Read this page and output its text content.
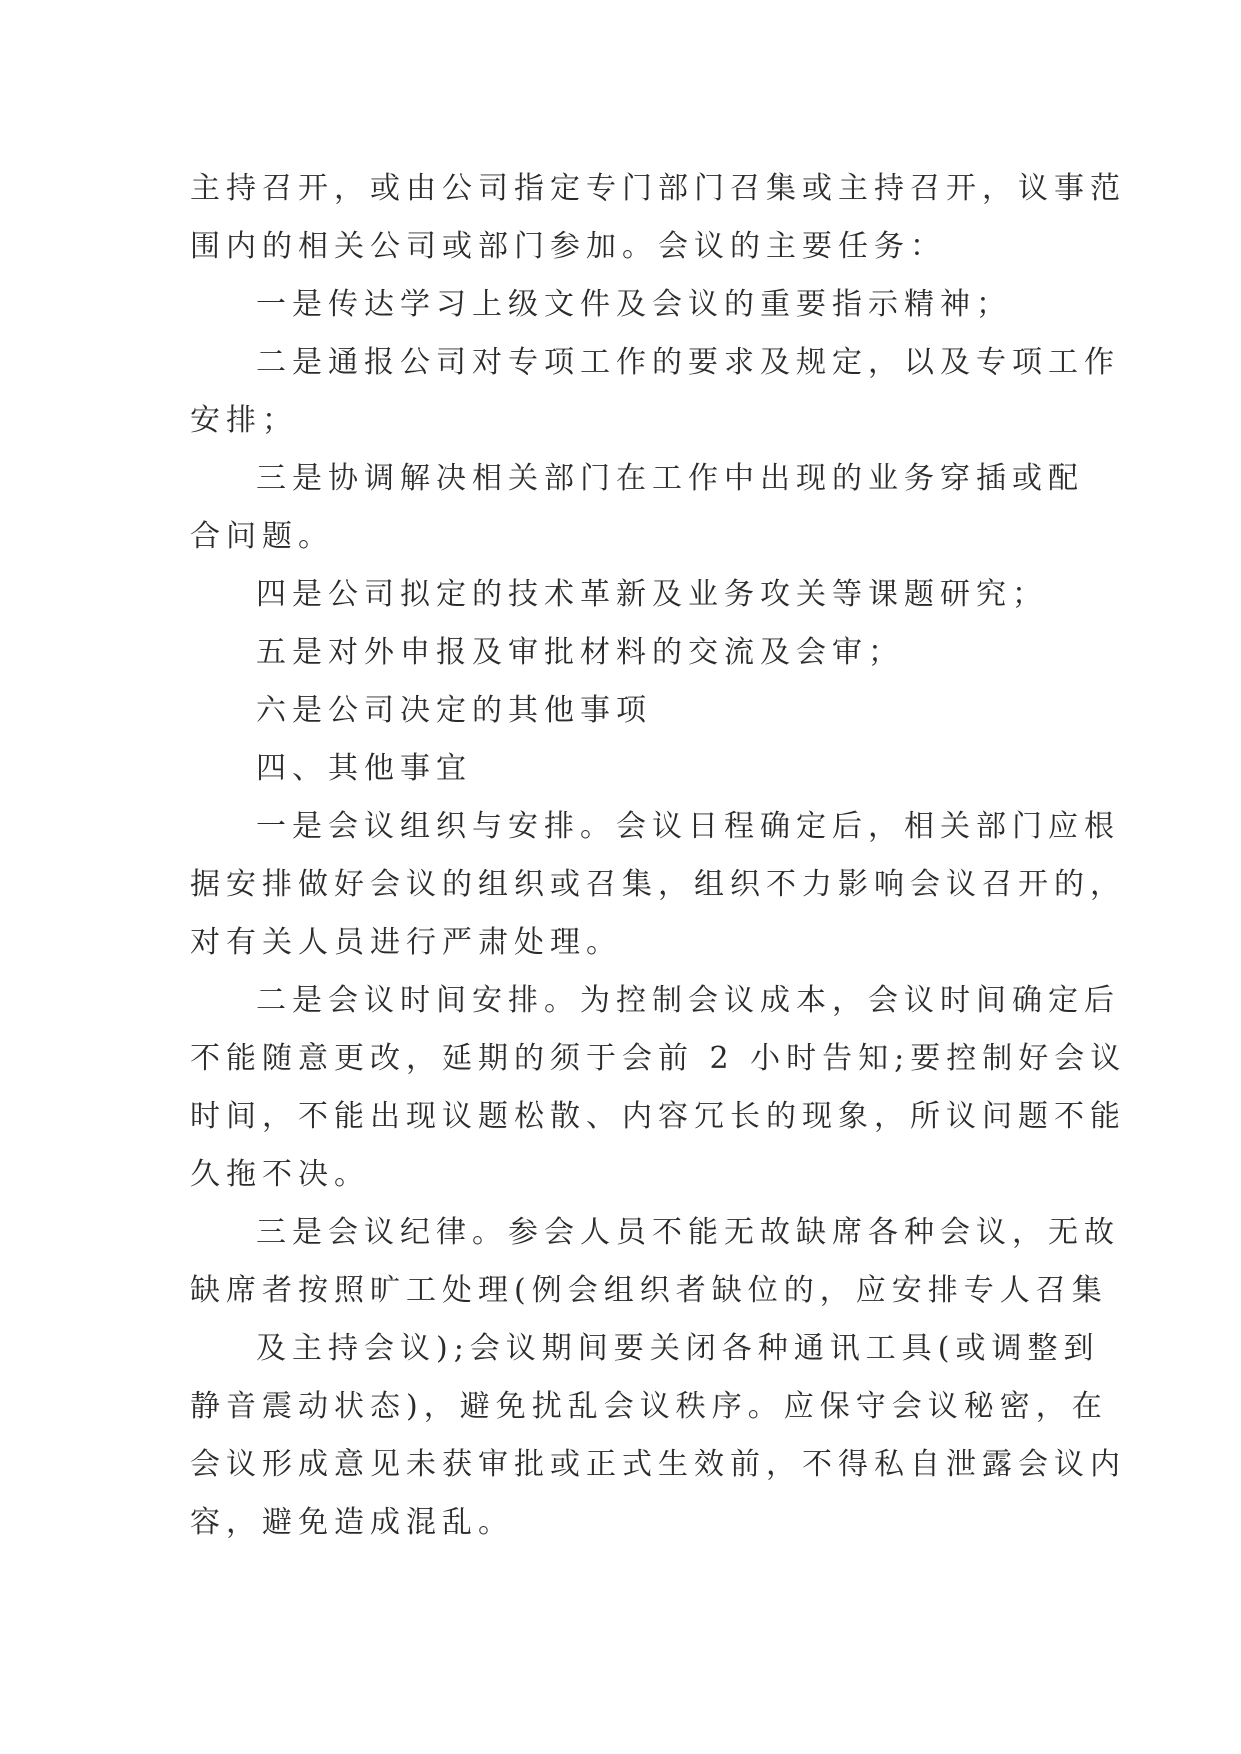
主持召开，或由公司指定专门部门召集或主持召开，议事范
围内的相关公司或部门参加。会议的主要任务：
一是传达学习上级文件及会议的重要指示精神；
二是通报公司对专项工作的要求及规定，以及专项工作
安排；
三是协调解决相关部门在工作中出现的业务穿插或配
合问题。
四是公司拟定的技术革新及业务攻关等课题研究；
五是对外申报及审批材料的交流及会审；
六是公司决定的其他事项
四、其他事宜
一是会议组织与安排。会议日程确定后，相关部门应根
据安排做好会议的组织或召集，组织不力影响会议召开的，
对有关人员进行严肃处理。
二是会议时间安排。为控制会议成本，会议时间确定后
不能随意更改，延期的须于会前 2 小时告知;要控制好会议
时间，不能出现议题松散、内容冗长的现象，所议问题不能
久拖不决。
三是会议纪律。参会人员不能无故缺席各种会议，无故
缺席者按照旷工处理(例会组织者缺位的，应安排专人召集
及主持会议);会议期间要关闭各种通讯工具(或调整到
静音震动状态)，避免扰乱会议秩序。应保守会议秘密，在
会议形成意见未获审批或正式生效前，不得私自泄露会议内
容，避免造成混乱。
